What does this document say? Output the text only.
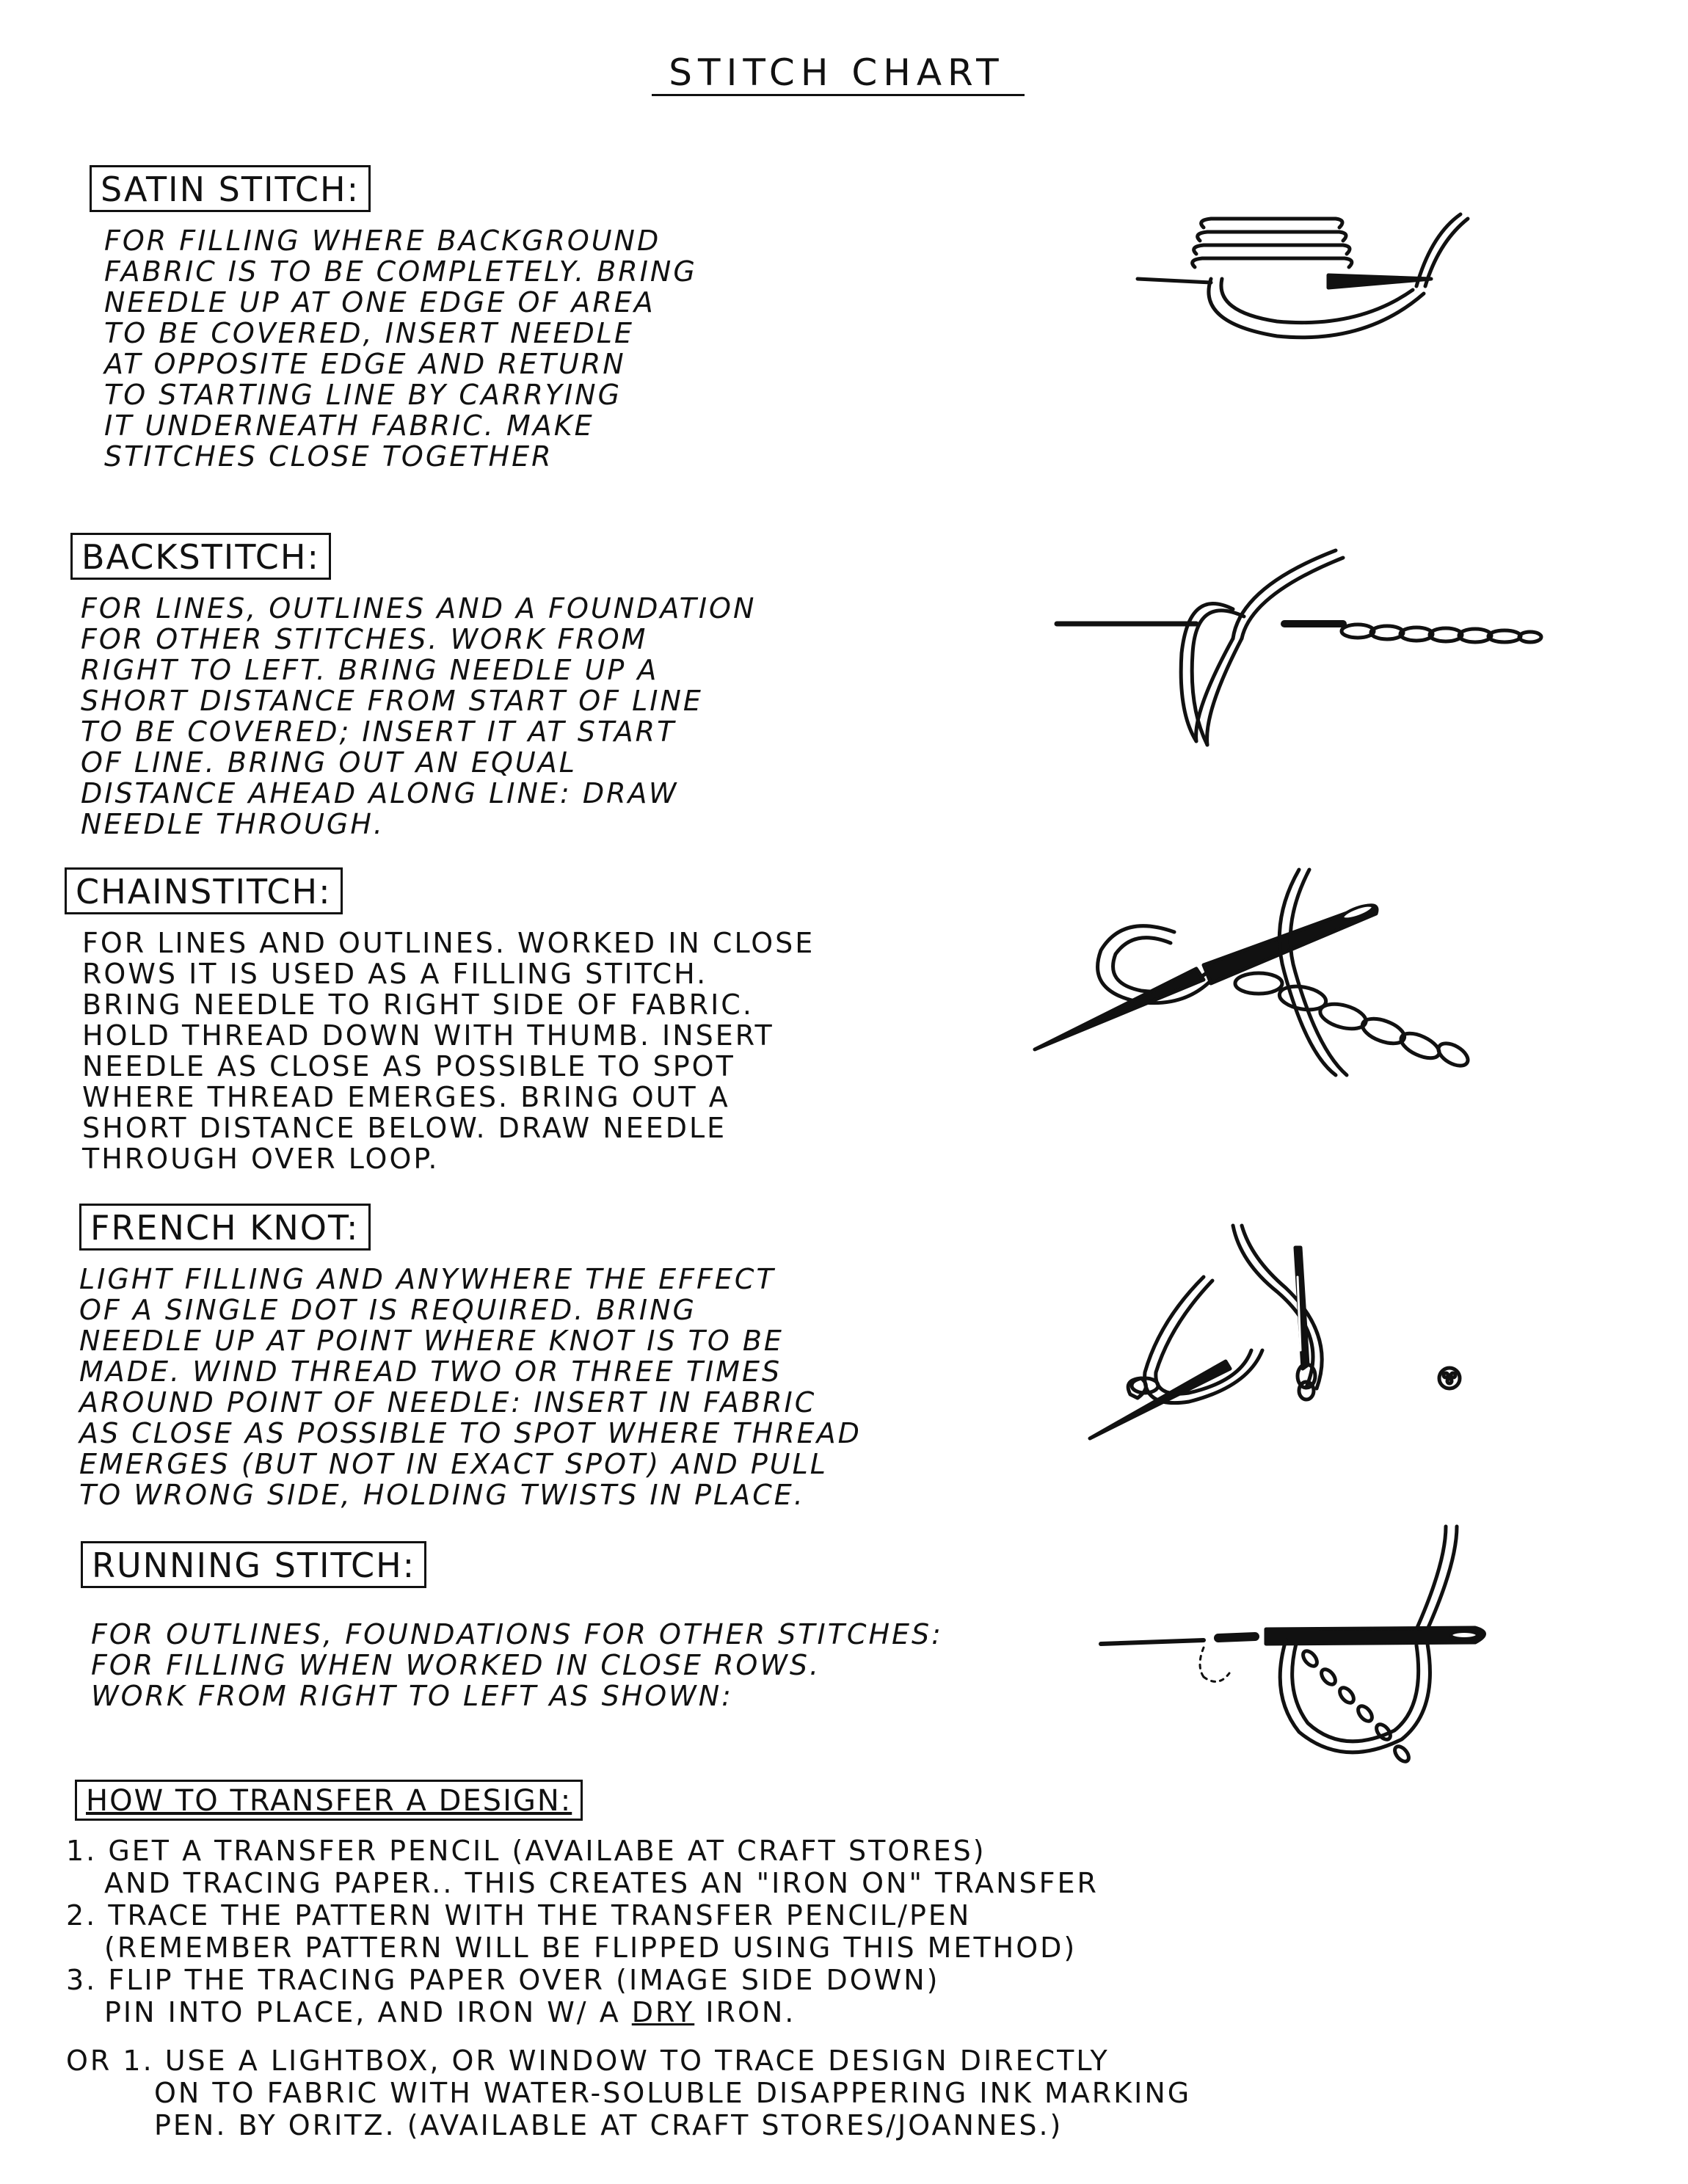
STITCH CHART
SATIN STITCH:
FOR FILLING WHERE BACKGROUND
FABRIC IS TO BE COMPLETELY. BRING
NEEDLE UP AT ONE EDGE OF AREA
TO BE COVERED, INSERT NEEDLE
AT OPPOSITE EDGE AND RETURN
TO STARTING LINE BY CARRYING
IT UNDERNEATH FABRIC. MAKE
STITCHES CLOSE TOGETHER
BACKSTITCH:
FOR LINES, OUTLINES AND A FOUNDATION
FOR OTHER STITCHES. WORK FROM
RIGHT TO LEFT. BRING NEEDLE UP A
SHORT DISTANCE FROM START OF LINE
TO BE COVERED; INSERT IT AT START
OF LINE. BRING OUT AN EQUAL
DISTANCE AHEAD ALONG LINE: DRAW
NEEDLE THROUGH.
CHAINSTITCH:
FOR LINES AND OUTLINES. WORKED IN CLOSE
ROWS IT IS USED AS A FILLING STITCH.
BRING NEEDLE TO RIGHT SIDE OF FABRIC.
HOLD THREAD DOWN WITH THUMB. INSERT
NEEDLE AS CLOSE AS POSSIBLE TO SPOT
WHERE THREAD EMERGES. BRING OUT A
SHORT DISTANCE BELOW. DRAW NEEDLE
THROUGH OVER LOOP.
FRENCH KNOT:
LIGHT FILLING AND ANYWHERE THE EFFECT
OF A SINGLE DOT IS REQUIRED. BRING
NEEDLE UP AT POINT WHERE KNOT IS TO BE
MADE. WIND THREAD TWO OR THREE TIMES
AROUND POINT OF NEEDLE: INSERT IN FABRIC
AS CLOSE AS POSSIBLE TO SPOT WHERE THREAD
EMERGES (BUT NOT IN EXACT SPOT) AND PULL
TO WRONG SIDE, HOLDING TWISTS IN PLACE.
RUNNING STITCH:
FOR OUTLINES, FOUNDATIONS FOR OTHER STITCHES:
FOR FILLING WHEN WORKED IN CLOSE ROWS.
WORK FROM RIGHT TO LEFT AS SHOWN:
HOW TO TRANSFER A DESIGN:
1. GET A TRANSFER PENCIL (AVAILABE AT CRAFT STORES)
AND TRACING PAPER.. THIS CREATES AN "IRON ON" TRANSFER
2. TRACE THE PATTERN WITH THE TRANSFER PENCIL/PEN
(REMEMBER PATTERN WILL BE FLIPPED USING THIS METHOD)
3. FLIP THE TRACING PAPER OVER (IMAGE SIDE DOWN)
PIN INTO PLACE, AND IRON W/ A DRY IRON.
OR 1. USE A LIGHTBOX, OR WINDOW TO TRACE DESIGN DIRECTLY
ON TO FABRIC WITH WATER-SOLUBLE DISAPPERING INK MARKING
PEN. BY ORITZ. (AVAILABLE AT CRAFT STORES/JOANNES.)
